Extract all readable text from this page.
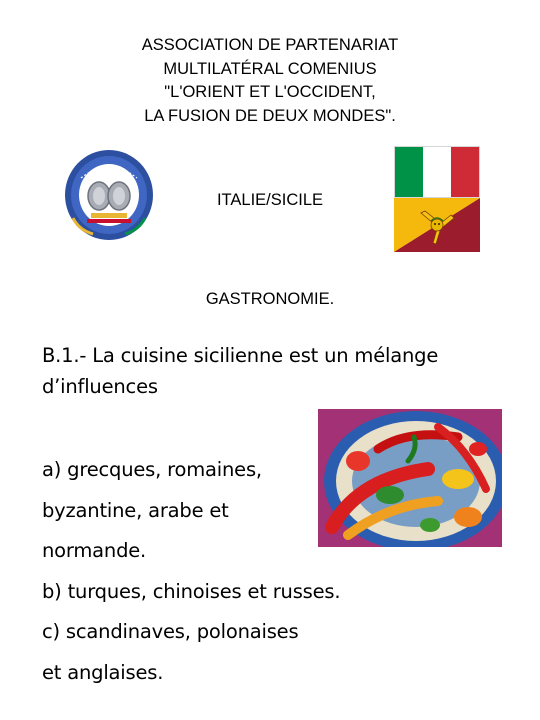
ASSOCIATION DE PARTENARIAT
MULTILATÉRAL COMENIUS
"L'ORIENT ET L'OCCIDENT,
LA FUSION DE DEUX MONDES".
ITALIE/SICILE
GASTRONOMIE.
B.1.- La cuisine sicilienne est un mélange
d’influences
a) grecques, romaines,
byzantine, arabe et
normande.
b) turques, chinoises et russes.
c) scandinaves, polonaises
et anglaises.
